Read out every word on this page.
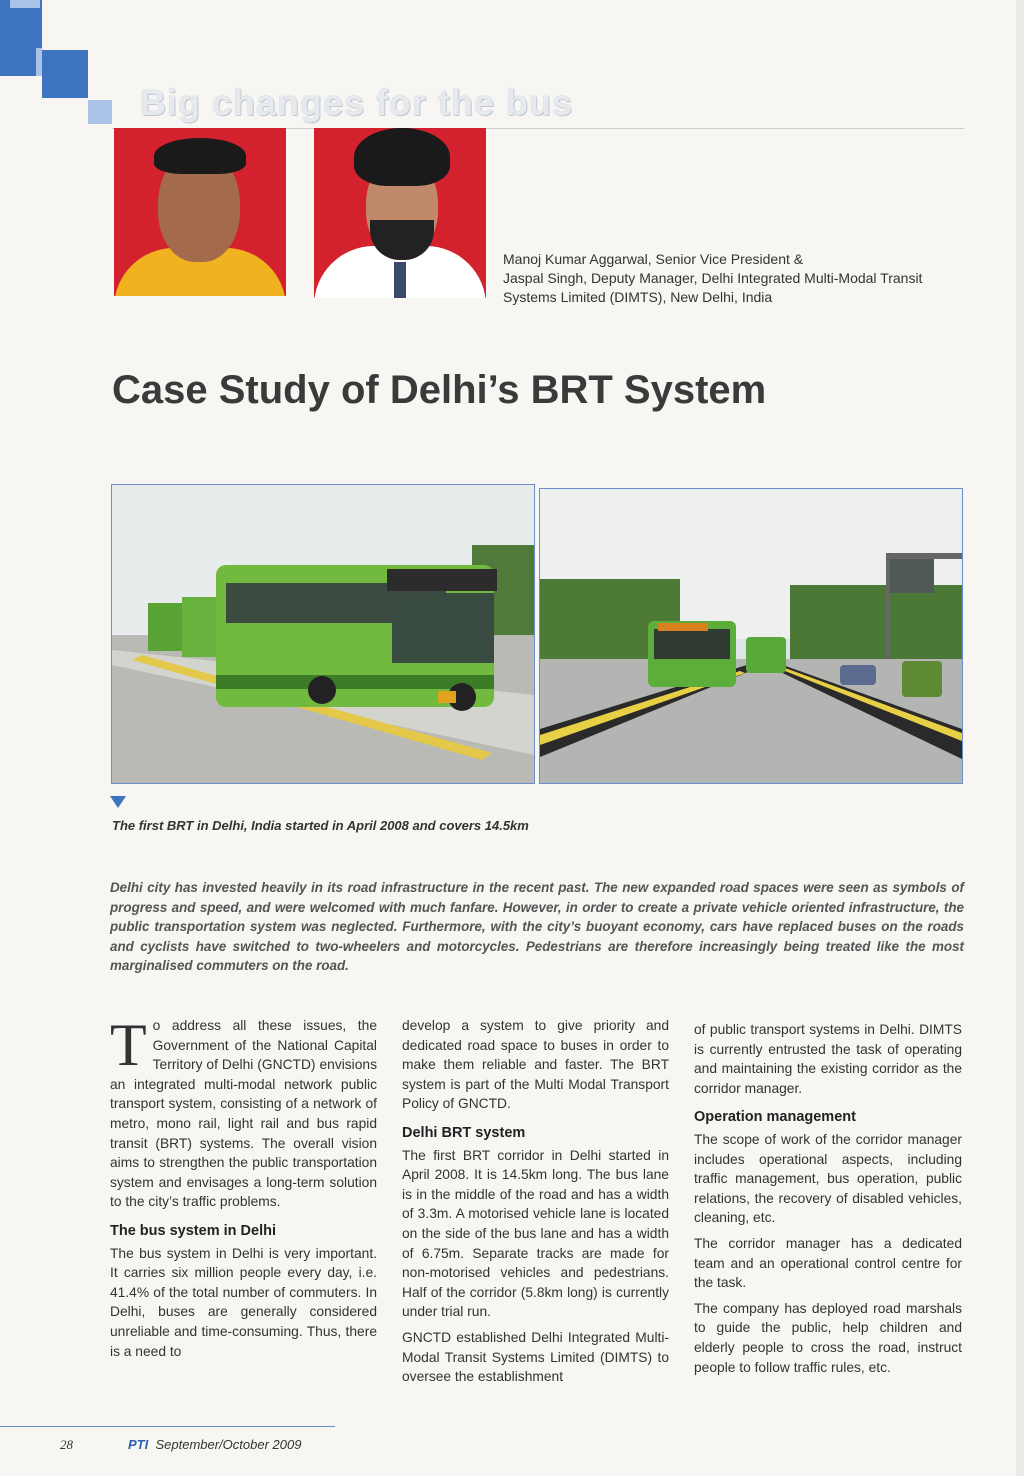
Big changes for the bus
Manoj Kumar Aggarwal, Senior Vice President &
Jaspal Singh, Deputy Manager, Delhi Integrated Multi-Modal Transit
Systems Limited (DIMTS), New Delhi, India
Case Study of Delhi’s BRT System
The first BRT in Delhi, India started in April 2008 and covers 14.5km
Delhi city has invested heavily in its road infrastructure in the recent past. The new expanded road spaces were seen as symbols of progress and speed, and were welcomed with much fanfare. However, in order to create a private vehicle oriented infrastructure, the public transportation system was neglected. Furthermore, with the city’s buoyant economy, cars have replaced buses on the roads and cyclists have switched to two-wheelers and motorcycles. Pedestrians are therefore increasingly being treated like the most marginalised commuters on the road.

To address all these issues, the Government of the National Capital Territory of Delhi (GNCTD) envisions an integrated multi-modal network public transport system, consisting of a network of metro, mono rail, light rail and bus rapid transit (BRT) systems. The overall vision aims to strengthen the public transportation system and envisages a long-term solution to the city’s traffic problems.

The bus system in Delhi

The bus system in Delhi is very important. It carries six million people every day, i.e. 41.4% of the total number of commuters. In Delhi, buses are generally considered unreliable and time-consuming. Thus, there is a need to

develop a system to give priority and dedicated road space to buses in order to make them reliable and faster. The BRT system is part of the Multi Modal Transport Policy of GNCTD.

Delhi BRT system

The first BRT corridor in Delhi started in April 2008. It is 14.5km long. The bus lane is in the middle of the road and has a width of 3.3m. A motorised vehicle lane is located on the side of the bus lane and has a width of 6.75m. Separate tracks are made for non-motorised vehicles and pedestrians. Half of the corridor (5.8km long) is currently under trial run.

GNCTD established Delhi Integrated Multi-Modal Transit Systems Limited (DIMTS) to oversee the establishment

of public transport systems in Delhi. DIMTS is currently entrusted the task of operating and maintaining the existing corridor as the corridor manager.

Operation management

The scope of work of the corridor manager includes operational aspects, including traffic management, bus operation, public relations, the recovery of disabled vehicles, cleaning, etc.

The corridor manager has a dedicated team and an operational control centre for the task.

The company has deployed road marshals to guide the public, help children and elderly people to cross the road, instruct people to follow traffic rules, etc.

28	PTI September/October 2009
